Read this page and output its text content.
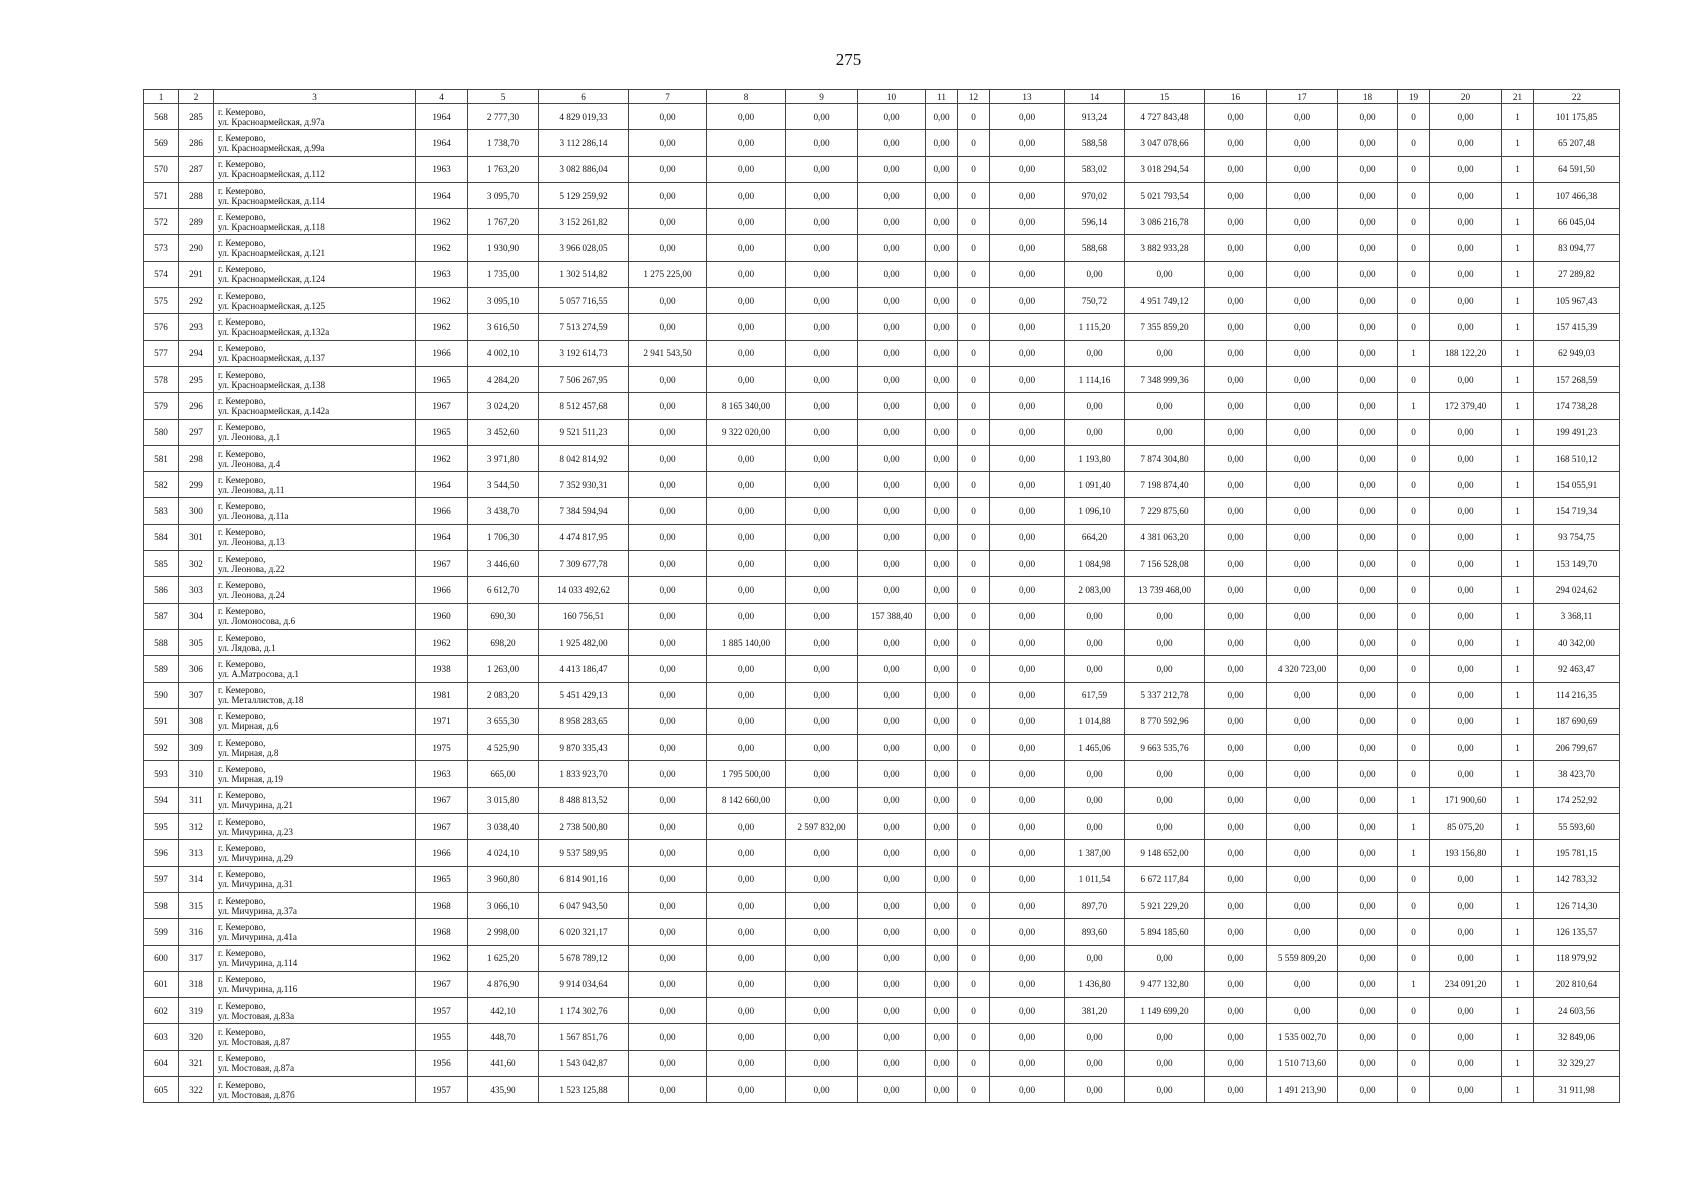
275
1	2	3	4	5	6	7	8	9	10	11	12	13	14	15	16	17	18	19	20	21	22
568	285	г. Кемерово,
ул. Красноармейская, д.97а	1964	2 777,30	4 829 019,33	0,00	0,00	0,00	0,00	0,00	0	0,00	913,24	4 727 843,48	0,00	0,00	0,00	0	0,00	1	101 175,85
569	286	г. Кемерово,
ул. Красноармейская, д.99а	1964	1 738,70	3 112 286,14	0,00	0,00	0,00	0,00	0,00	0	0,00	588,58	3 047 078,66	0,00	0,00	0,00	0	0,00	1	65 207,48
570	287	г. Кемерово,
ул. Красноармейская, д.112	1963	1 763,20	3 082 886,04	0,00	0,00	0,00	0,00	0,00	0	0,00	583,02	3 018 294,54	0,00	0,00	0,00	0	0,00	1	64 591,50
571	288	г. Кемерово,
ул. Красноармейская, д.114	1964	3 095,70	5 129 259,92	0,00	0,00	0,00	0,00	0,00	0	0,00	970,02	5 021 793,54	0,00	0,00	0,00	0	0,00	1	107 466,38
572	289	г. Кемерово,
ул. Красноармейская, д.118	1962	1 767,20	3 152 261,82	0,00	0,00	0,00	0,00	0,00	0	0,00	596,14	3 086 216,78	0,00	0,00	0,00	0	0,00	1	66 045,04
573	290	г. Кемерово,
ул. Красноармейская, д.121	1962	1 930,90	3 966 028,05	0,00	0,00	0,00	0,00	0,00	0	0,00	588,68	3 882 933,28	0,00	0,00	0,00	0	0,00	1	83 094,77
574	291	г. Кемерово,
ул. Красноармейская, д.124	1963	1 735,00	1 302 514,82	1 275 225,00	0,00	0,00	0,00	0,00	0	0,00	0,00	0,00	0,00	0,00	0,00	0	0,00	1	27 289,82
575	292	г. Кемерово,
ул. Красноармейская, д.125	1962	3 095,10	5 057 716,55	0,00	0,00	0,00	0,00	0,00	0	0,00	750,72	4 951 749,12	0,00	0,00	0,00	0	0,00	1	105 967,43
576	293	г. Кемерово,
ул. Красноармейская, д.132а	1962	3 616,50	7 513 274,59	0,00	0,00	0,00	0,00	0,00	0	0,00	1 115,20	7 355 859,20	0,00	0,00	0,00	0	0,00	1	157 415,39
577	294	г. Кемерово,
ул. Красноармейская, д.137	1966	4 002,10	3 192 614,73	2 941 543,50	0,00	0,00	0,00	0,00	0	0,00	0,00	0,00	0,00	0,00	0,00	1	188 122,20	1	62 949,03
578	295	г. Кемерово,
ул. Красноармейская, д.138	1965	4 284,20	7 506 267,95	0,00	0,00	0,00	0,00	0,00	0	0,00	1 114,16	7 348 999,36	0,00	0,00	0,00	0	0,00	1	157 268,59
579	296	г. Кемерово,
ул. Красноармейская, д.142а	1967	3 024,20	8 512 457,68	0,00	8 165 340,00	0,00	0,00	0,00	0	0,00	0,00	0,00	0,00	0,00	0,00	1	172 379,40	1	174 738,28
580	297	г. Кемерово,
ул. Леонова, д.1	1965	3 452,60	9 521 511,23	0,00	9 322 020,00	0,00	0,00	0,00	0	0,00	0,00	0,00	0,00	0,00	0,00	0	0,00	1	199 491,23
581	298	г. Кемерово,
ул. Леонова, д.4	1962	3 971,80	8 042 814,92	0,00	0,00	0,00	0,00	0,00	0	0,00	1 193,80	7 874 304,80	0,00	0,00	0,00	0	0,00	1	168 510,12
582	299	г. Кемерово,
ул. Леонова, д.11	1964	3 544,50	7 352 930,31	0,00	0,00	0,00	0,00	0,00	0	0,00	1 091,40	7 198 874,40	0,00	0,00	0,00	0	0,00	1	154 055,91
583	300	г. Кемерово,
ул. Леонова, д.11а	1966	3 438,70	7 384 594,94	0,00	0,00	0,00	0,00	0,00	0	0,00	1 096,10	7 229 875,60	0,00	0,00	0,00	0	0,00	1	154 719,34
584	301	г. Кемерово,
ул. Леонова, д.13	1964	1 706,30	4 474 817,95	0,00	0,00	0,00	0,00	0,00	0	0,00	664,20	4 381 063,20	0,00	0,00	0,00	0	0,00	1	93 754,75
585	302	г. Кемерово,
ул. Леонова, д.22	1967	3 446,60	7 309 677,78	0,00	0,00	0,00	0,00	0,00	0	0,00	1 084,98	7 156 528,08	0,00	0,00	0,00	0	0,00	1	153 149,70
586	303	г. Кемерово,
ул. Леонова, д.24	1966	6 612,70	14 033 492,62	0,00	0,00	0,00	0,00	0,00	0	0,00	2 083,00	13 739 468,00	0,00	0,00	0,00	0	0,00	1	294 024,62
587	304	г. Кемерово,
ул. Ломоносова, д.6	1960	690,30	160 756,51	0,00	0,00	0,00	157 388,40	0,00	0	0,00	0,00	0,00	0,00	0,00	0,00	0	0,00	1	3 368,11
588	305	г. Кемерово,
ул. Лядова, д.1	1962	698,20	1 925 482,00	0,00	1 885 140,00	0,00	0,00	0,00	0	0,00	0,00	0,00	0,00	0,00	0,00	0	0,00	1	40 342,00
589	306	г. Кемерово,
ул. А.Матросова, д.1	1938	1 263,00	4 413 186,47	0,00	0,00	0,00	0,00	0,00	0	0,00	0,00	0,00	0,00	4 320 723,00	0,00	0	0,00	1	92 463,47
590	307	г. Кемерово,
ул. Металлистов, д.18	1981	2 083,20	5 451 429,13	0,00	0,00	0,00	0,00	0,00	0	0,00	617,59	5 337 212,78	0,00	0,00	0,00	0	0,00	1	114 216,35
591	308	г. Кемерово,
ул. Мирная, д.6	1971	3 655,30	8 958 283,65	0,00	0,00	0,00	0,00	0,00	0	0,00	1 014,88	8 770 592,96	0,00	0,00	0,00	0	0,00	1	187 690,69
592	309	г. Кемерово,
ул. Мирная, д.8	1975	4 525,90	9 870 335,43	0,00	0,00	0,00	0,00	0,00	0	0,00	1 465,06	9 663 535,76	0,00	0,00	0,00	0	0,00	1	206 799,67
593	310	г. Кемерово,
ул. Мирная, д.19	1963	665,00	1 833 923,70	0,00	1 795 500,00	0,00	0,00	0,00	0	0,00	0,00	0,00	0,00	0,00	0,00	0	0,00	1	38 423,70
594	311	г. Кемерово,
ул. Мичурина, д.21	1967	3 015,80	8 488 813,52	0,00	8 142 660,00	0,00	0,00	0,00	0	0,00	0,00	0,00	0,00	0,00	0,00	1	171 900,60	1	174 252,92
595	312	г. Кемерово,
ул. Мичурина, д.23	1967	3 038,40	2 738 500,80	0,00	0,00	2 597 832,00	0,00	0,00	0	0,00	0,00	0,00	0,00	0,00	0,00	1	85 075,20	1	55 593,60
596	313	г. Кемерово,
ул. Мичурина, д.29	1966	4 024,10	9 537 589,95	0,00	0,00	0,00	0,00	0,00	0	0,00	1 387,00	9 148 652,00	0,00	0,00	0,00	1	193 156,80	1	195 781,15
597	314	г. Кемерово,
ул. Мичурина, д.31	1965	3 960,80	6 814 901,16	0,00	0,00	0,00	0,00	0,00	0	0,00	1 011,54	6 672 117,84	0,00	0,00	0,00	0	0,00	1	142 783,32
598	315	г. Кемерово,
ул. Мичурина, д.37а	1968	3 066,10	6 047 943,50	0,00	0,00	0,00	0,00	0,00	0	0,00	897,70	5 921 229,20	0,00	0,00	0,00	0	0,00	1	126 714,30
599	316	г. Кемерово,
ул. Мичурина, д.41а	1968	2 998,00	6 020 321,17	0,00	0,00	0,00	0,00	0,00	0	0,00	893,60	5 894 185,60	0,00	0,00	0,00	0	0,00	1	126 135,57
600	317	г. Кемерово,
ул. Мичурина, д.114	1962	1 625,20	5 678 789,12	0,00	0,00	0,00	0,00	0,00	0	0,00	0,00	0,00	0,00	5 559 809,20	0,00	0	0,00	1	118 979,92
601	318	г. Кемерово,
ул. Мичурина, д.116	1967	4 876,90	9 914 034,64	0,00	0,00	0,00	0,00	0,00	0	0,00	1 436,80	9 477 132,80	0,00	0,00	0,00	1	234 091,20	1	202 810,64
602	319	г. Кемерово,
ул. Мостовая, д.83а	1957	442,10	1 174 302,76	0,00	0,00	0,00	0,00	0,00	0	0,00	381,20	1 149 699,20	0,00	0,00	0,00	0	0,00	1	24 603,56
603	320	г. Кемерово,
ул. Мостовая, д.87	1955	448,70	1 567 851,76	0,00	0,00	0,00	0,00	0,00	0	0,00	0,00	0,00	0,00	1 535 002,70	0,00	0	0,00	1	32 849,06
604	321	г. Кемерово,
ул. Мостовая, д.87а	1956	441,60	1 543 042,87	0,00	0,00	0,00	0,00	0,00	0	0,00	0,00	0,00	0,00	1 510 713,60	0,00	0	0,00	1	32 329,27
605	322	г. Кемерово,
ул. Мостовая, д.87б	1957	435,90	1 523 125,88	0,00	0,00	0,00	0,00	0,00	0	0,00	0,00	0,00	0,00	1 491 213,90	0,00	0	0,00	1	31 911,98
